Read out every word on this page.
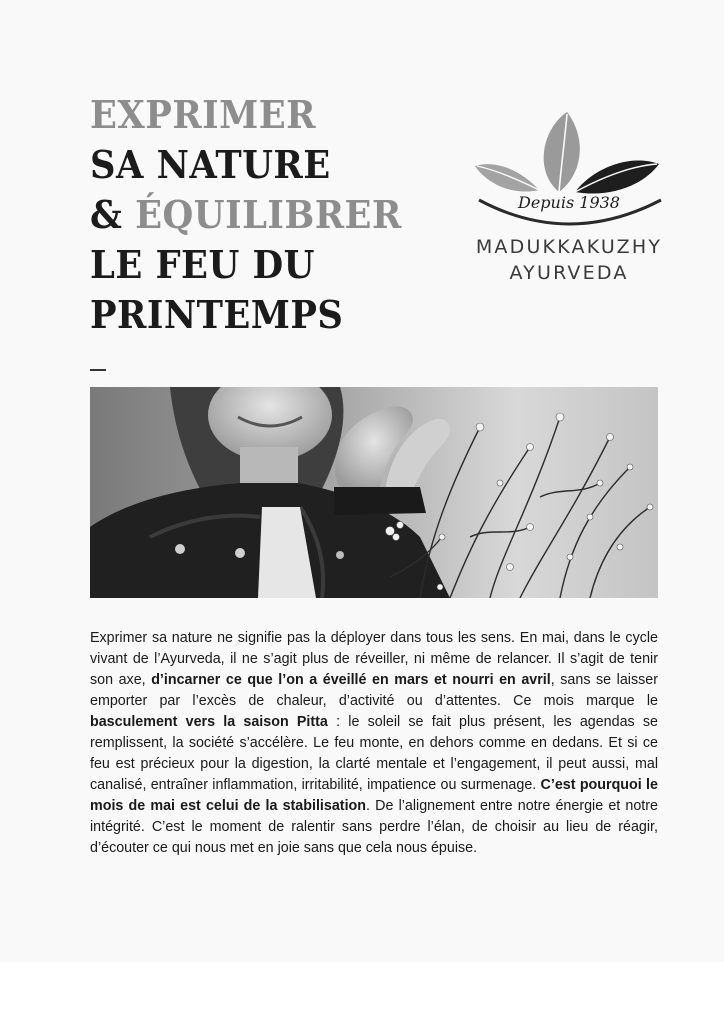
EXPRIMER
SA NATURE
& ÉQUILIBRER
LE FEU DU
PRINTEMPS
Depuis 1938
MADUKKAKUZHY
AYURVEDA

Exprimer sa nature ne signifie pas la déployer dans tous les sens. En mai, dans le cycle vivant de l’Ayurveda, il ne s’agit plus de réveiller, ni même de relancer. Il s’agit de tenir son axe, d’incarner ce que l’on a éveillé en mars et nourri en avril, sans se laisser emporter par l’excès de chaleur, d’activité ou d’attentes. Ce mois marque le basculement vers la saison Pitta : le soleil se fait plus présent, les agendas se remplissent, la société s’accélère. Le feu monte, en dehors comme en dedans. Et si ce feu est précieux pour la digestion, la clarté mentale et l’engagement, il peut aussi, mal canalisé, entraîner inflammation, irritabilité, impatience ou surmenage. C’est pourquoi le mois de mai est celui de la stabilisation. De l’alignement entre notre énergie et notre intégrité. C’est le moment de ralentir sans perdre l’élan, de choisir au lieu de réagir, d’écouter ce qui nous met en joie sans que cela nous épuise.
